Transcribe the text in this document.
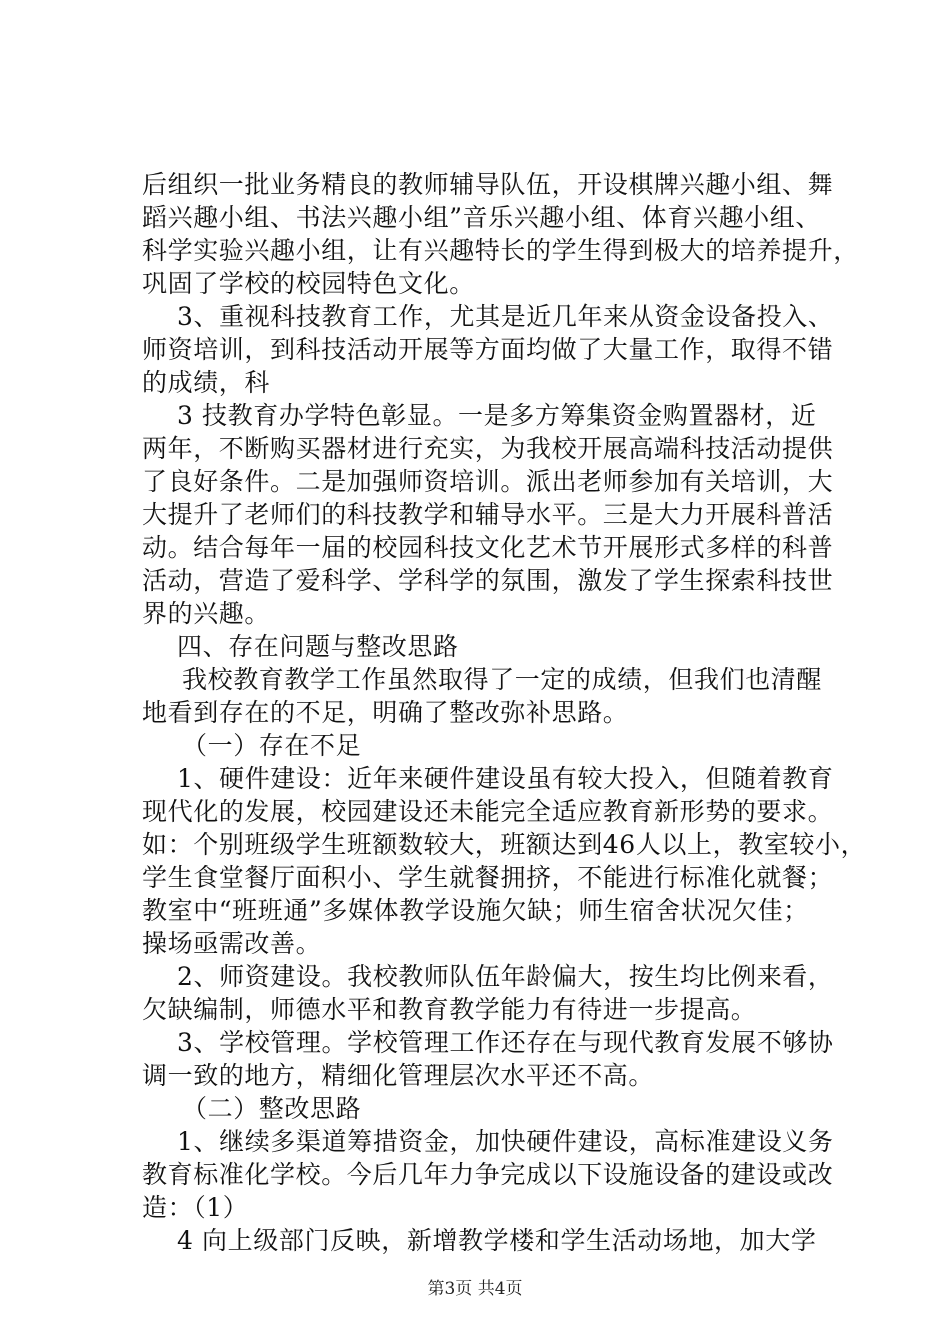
后组织一批业务精良的教师辅导队伍，开设棋牌兴趣小组、舞
蹈兴趣小组、书法兴趣小组”音乐兴趣小组、体育兴趣小组、
科学实验兴趣小组，让有兴趣特长的学生得到极大的培养提升，
巩固了学校的校园特色文化。
3、重视科技教育工作，尤其是近几年来从资金设备投入、
师资培训，到科技活动开展等方面均做了大量工作，取得不错
的成绩，科
3 技教育办学特色彰显。一是多方筹集资金购置器材，近
两年，不断购买器材进行充实，为我校开展高端科技活动提供
了良好条件。二是加强师资培训。派出老师参加有关培训，大
大提升了老师们的科技教学和辅导水平。三是大力开展科普活
动。结合每年一届的校园科技文化艺术节开展形式多样的科普
活动，营造了爱科学、学科学的氛围，激发了学生探索科技世
界的兴趣。
四、存在问题与整改思路
我校教育教学工作虽然取得了一定的成绩，但我们也清醒
地看到存在的不足，明确了整改弥补思路。
（一）存在不足
1、硬件建设：近年来硬件建设虽有较大投入，但随着教育
现代化的发展，校园建设还未能完全适应教育新形势的要求。
如：个别班级学生班额数较大，班额达到46人以上，教室较小，
学生食堂餐厅面积小、学生就餐拥挤，不能进行标准化就餐；
教室中“班班通”多媒体教学设施欠缺；师生宿舍状况欠佳；
操场亟需改善。
2、师资建设。我校教师队伍年龄偏大，按生均比例来看，
欠缺编制，师德水平和教育教学能力有待进一步提高。
3、学校管理。学校管理工作还存在与现代教育发展不够协
调一致的地方，精细化管理层次水平还不高。
（二）整改思路
1、继续多渠道筹措资金，加快硬件建设，高标准建设义务
教育标准化学校。今后几年力争完成以下设施设备的建设或改
造：（1）
4 向上级部门反映，新增教学楼和学生活动场地，加大学
第3页 共4页
